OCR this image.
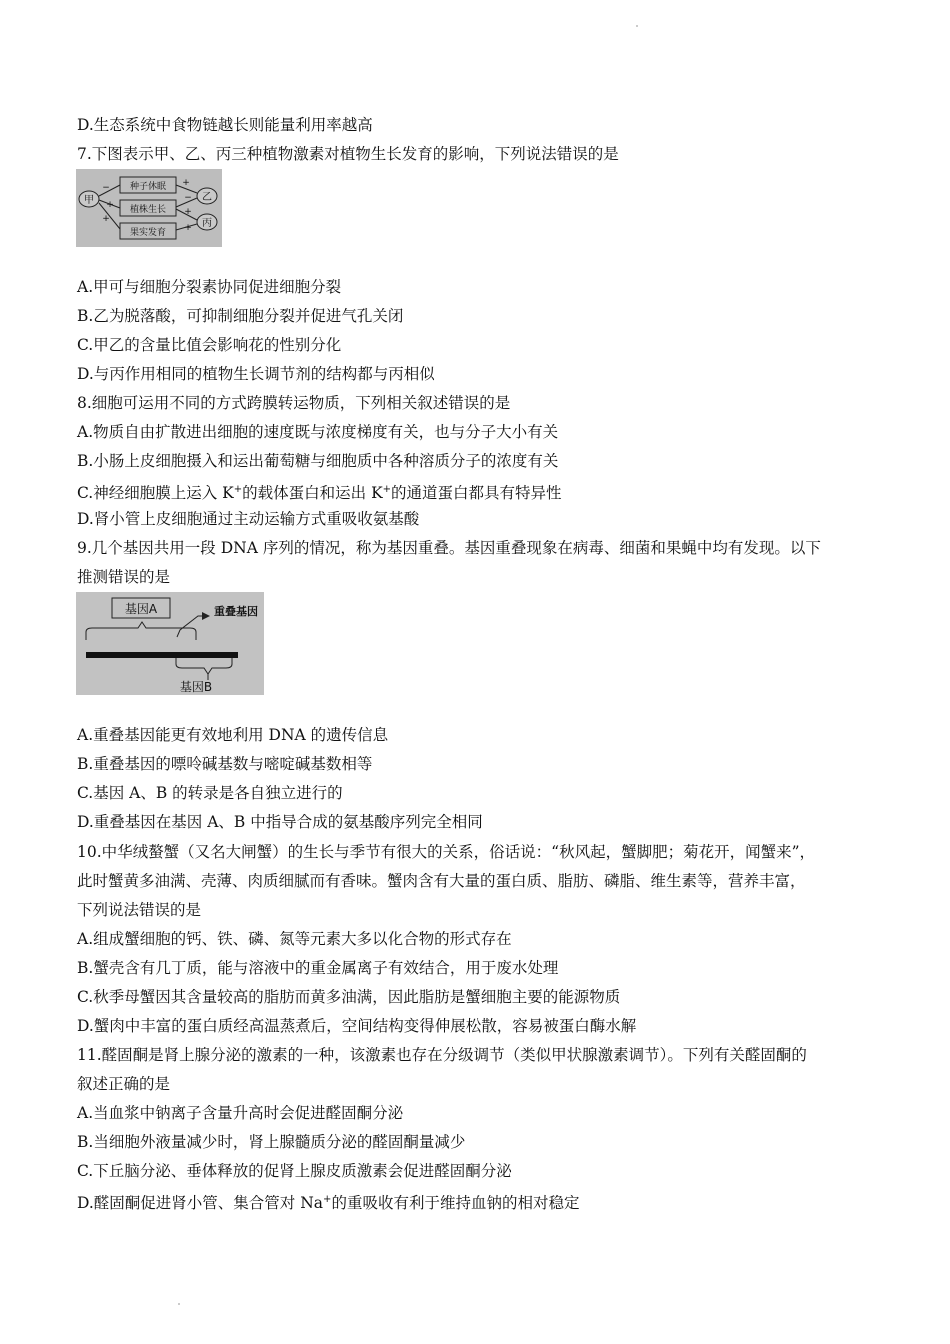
D.生态系统中食物链越长则能量利用率越高
7.下图表示甲、乙、丙三种植物激素对植物生长发育的影响，下列说法错误的是
甲
种子休眠
植株生长
果实发育
乙
丙
−
+
+
+
−
+
+
A.甲可与细胞分裂素协同促进细胞分裂
B.乙为脱落酸，可抑制细胞分裂并促进气孔关闭
C.甲乙的含量比值会影响花的性别分化
D.与丙作用相同的植物生长调节剂的结构都与丙相似
8.细胞可运用不同的方式跨膜转运物质，下列相关叙述错误的是
A.物质自由扩散进出细胞的速度既与浓度梯度有关，也与分子大小有关
B.小肠上皮细胞摄入和运出葡萄糖与细胞质中各种溶质分子的浓度有关
C.神经细胞膜上运入 K+的载体蛋白和运出 K+的通道蛋白都具有特异性
D.肾小管上皮细胞通过主动运输方式重吸收氨基酸
9.几个基因共用一段 DNA 序列的情况，称为基因重叠。基因重叠现象在病毒、细菌和果蝇中均有发现。以下
推测错误的是
基因A	重叠基因
基因B
A.重叠基因能更有效地利用 DNA 的遗传信息
B.重叠基因的嘌呤碱基数与嘧啶碱基数相等
C.基因 A、B 的转录是各自独立进行的
D.重叠基因在基因 A、B 中指导合成的氨基酸序列完全相同
10.中华绒螯蟹（又名大闸蟹）的生长与季节有很大的关系，俗话说：“秋风起，蟹脚肥；菊花开，闻蟹来”，
此时蟹黄多油满、壳薄、肉质细腻而有香味。蟹肉含有大量的蛋白质、脂肪、磷脂、维生素等，营养丰富，
下列说法错误的是
A.组成蟹细胞的钙、铁、磷、氮等元素大多以化合物的形式存在
B.蟹壳含有几丁质，能与溶液中的重金属离子有效结合，用于废水处理
C.秋季母蟹因其含量较高的脂肪而黄多油满，因此脂肪是蟹细胞主要的能源物质
D.蟹肉中丰富的蛋白质经高温蒸煮后，空间结构变得伸展松散，容易被蛋白酶水解
11.醛固酮是肾上腺分泌的激素的一种，该激素也存在分级调节（类似甲状腺激素调节）。下列有关醛固酮的
叙述正确的是
A.当血浆中钠离子含量升高时会促进醛固酮分泌
B.当细胞外液量减少时，肾上腺髓质分泌的醛固酮量减少
C.下丘脑分泌、垂体释放的促肾上腺皮质激素会促进醛固酮分泌
D.醛固酮促进肾小管、集合管对 Na+的重吸收有利于维持血钠的相对稳定
